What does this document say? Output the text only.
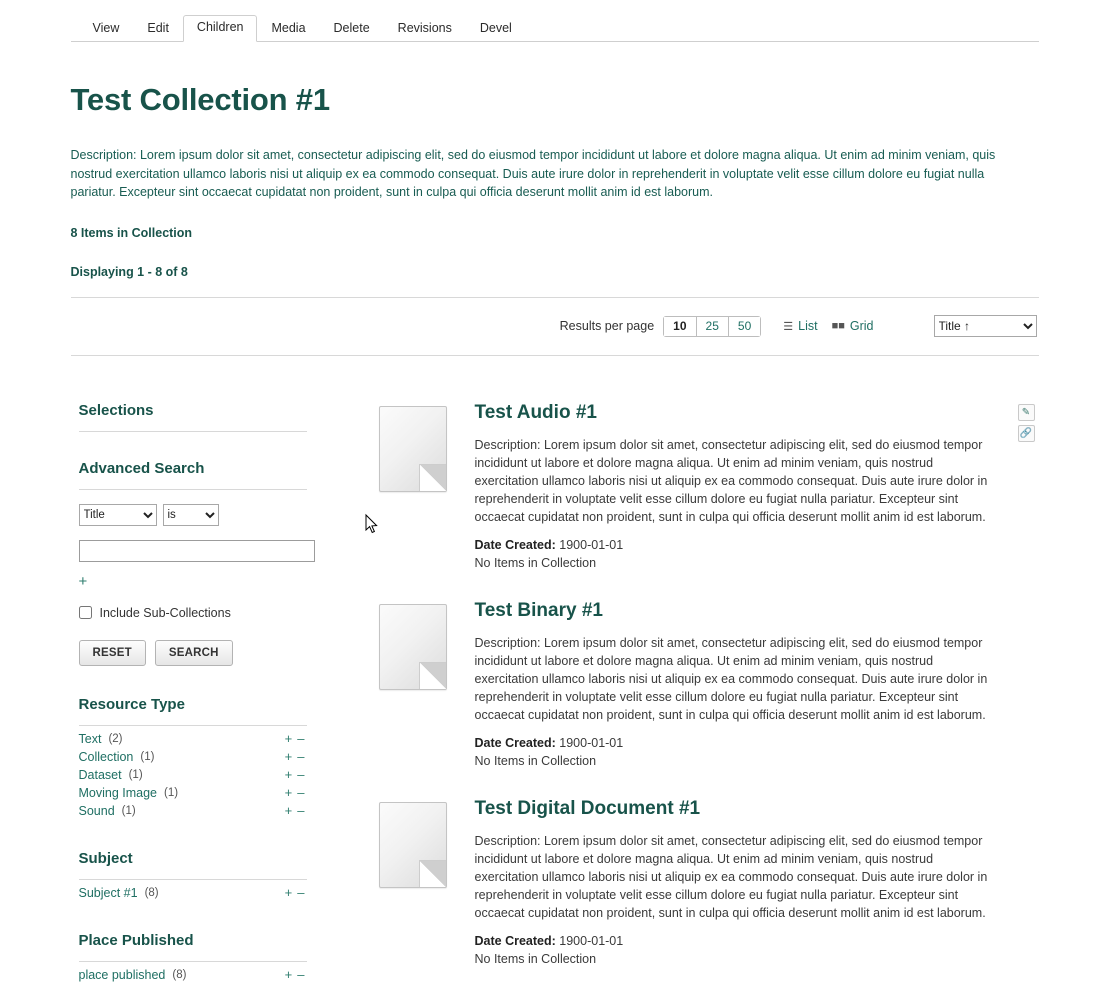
View	Edit	Children	Media	Delete	Revisions	Devel
Test Collection #1
Description: Lorem ipsum dolor sit amet, consectetur adipiscing elit, sed do eiusmod tempor incididunt ut labore et dolore magna aliqua. Ut enim ad minim veniam, quis nostrud exercitation ullamco laboris nisi ut aliquip ex ea commodo consequat. Duis aute irure dolor in reprehenderit in voluptate velit esse cillum dolore eu fugiat nulla pariatur. Excepteur sint occaecat cupidatat non proident, sunt in culpa qui officia deserunt mollit anim id est laborum.
8 Items in Collection
Displaying 1 - 8 of 8
Results per page	10	25	50	☰ List ■■ Grid
Title ↑
Selections
Advanced Search
Title
is
+
Include Sub-Collections
RESET	SEARCH
Resource Type
Text (2)	+ –
Collection (1)	+ –
Dataset (1)	+ –
Moving Image (1)	+ –
Sound (1)	+ –
Subject
Subject #1 (8)	+ –
Place Published
place published (8)	+ –
Test Audio #1
Description: Lorem ipsum dolor sit amet, consectetur adipiscing elit, sed do eiusmod tempor incididunt ut labore et dolore magna aliqua. Ut enim ad minim veniam, quis nostrud exercitation ullamco laboris nisi ut aliquip ex ea commodo consequat. Duis aute irure dolor in reprehenderit in voluptate velit esse cillum dolore eu fugiat nulla pariatur. Excepteur sint occaecat cupidatat non proident, sunt in culpa qui officia deserunt mollit anim id est laborum.
Date Created: 1900-01-01
No Items in Collection
✎
🔗
Test Binary #1
Description: Lorem ipsum dolor sit amet, consectetur adipiscing elit, sed do eiusmod tempor incididunt ut labore et dolore magna aliqua. Ut enim ad minim veniam, quis nostrud exercitation ullamco laboris nisi ut aliquip ex ea commodo consequat. Duis aute irure dolor in reprehenderit in voluptate velit esse cillum dolore eu fugiat nulla pariatur. Excepteur sint occaecat cupidatat non proident, sunt in culpa qui officia deserunt mollit anim id est laborum.
Date Created: 1900-01-01
No Items in Collection
Test Digital Document #1
Description: Lorem ipsum dolor sit amet, consectetur adipiscing elit, sed do eiusmod tempor incididunt ut labore et dolore magna aliqua. Ut enim ad minim veniam, quis nostrud exercitation ullamco laboris nisi ut aliquip ex ea commodo consequat. Duis aute irure dolor in reprehenderit in voluptate velit esse cillum dolore eu fugiat nulla pariatur. Excepteur sint occaecat cupidatat non proident, sunt in culpa qui officia deserunt mollit anim id est laborum.
Date Created: 1900-01-01
No Items in Collection
